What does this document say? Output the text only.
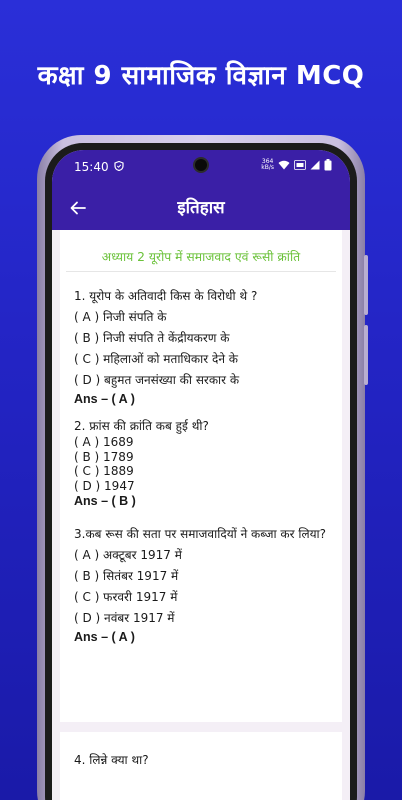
कक्षा 9 सामाजिक विज्ञान MCQ
15:40	364
kB/s
इतिहास
अध्याय 2 यूरोप में समाजवाद एवं रूसी क्रांति
1. यूरोप के अतिवादी किस के विरोधी थे ?
( A ) निजी संपति के
( B ) निजी संपति ते केंद्रीयकरण के
( C ) महिलाओं को मताधिकार देने के
( D ) बहुमत जनसंख्या की सरकार के
Ans – ( A )
2. फ्रांस की क्रांति कब हुई थी?
( A ) 1689
( B ) 1789
( C ) 1889
( D ) 1947
Ans – ( B )
3.कब रूस की सता पर समाजवादियों ने कब्जा कर लिया?
( A ) अक्टूबर 1917 में
( B ) सितंबर 1917 में
( C ) फरवरी 1917 में
( D ) नवंबर 1917 में
Ans – ( A )
4. लिन्ने क्या था?
